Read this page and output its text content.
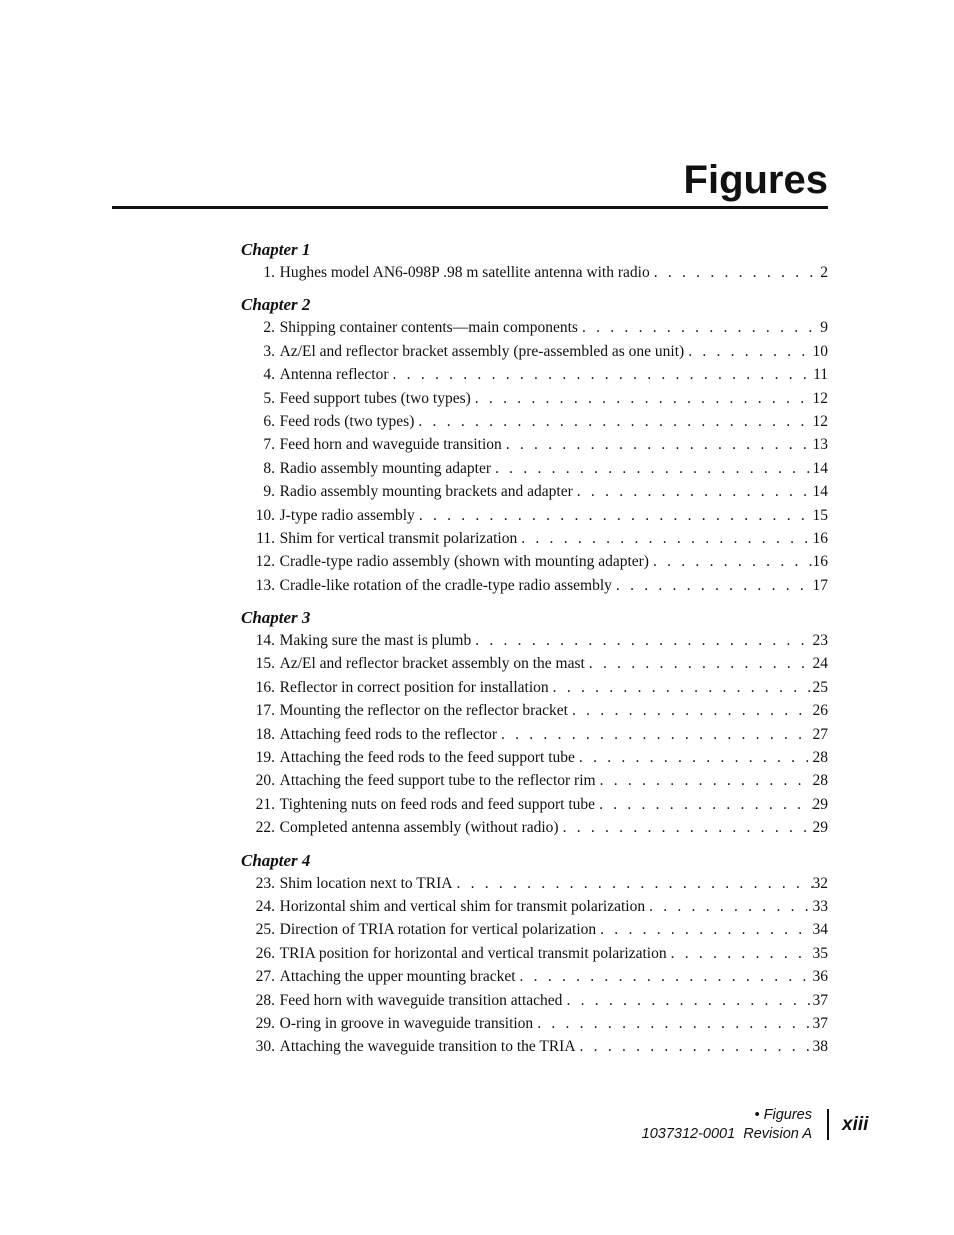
Figures
Chapter 1
1. Hughes model AN6-098P .98 m satellite antenna with radio . . .	2
Chapter 2
2. Shipping container contents—main components . . .	9
3. Az/El and reflector bracket assembly (pre-assembled as one unit) . . .	10
4. Antenna reflector . . .	11
5. Feed support tubes (two types) . . .	12
6. Feed rods (two types) . . .	12
7. Feed horn and waveguide transition . . .	13
8. Radio assembly mounting adapter . . .	14
9. Radio assembly mounting brackets and adapter . . .	14
10. J-type radio assembly . . .	15
11. Shim for vertical transmit polarization . . .	16
12. Cradle-type radio assembly (shown with mounting adapter) . . .	16
13. Cradle-like rotation of the cradle-type radio assembly . . .	17
Chapter 3
14. Making sure the mast is plumb . . .	23
15. Az/El and reflector bracket assembly on the mast . . .	24
16. Reflector in correct position for installation . . .	25
17. Mounting the reflector on the reflector bracket . . .	26
18. Attaching feed rods to the reflector . . .	27
19. Attaching the feed rods to the feed support tube . . .	28
20. Attaching the feed support tube to the reflector rim . . .	28
21. Tightening nuts on feed rods and feed support tube . . .	29
22. Completed antenna assembly (without radio) . . .	29
Chapter 4
23. Shim location next to TRIA . . .	32
24. Horizontal shim and vertical shim for transmit polarization . . .	33
25. Direction of TRIA rotation for vertical polarization . . .	34
26. TRIA position for horizontal and vertical transmit polarization . . .	35
27. Attaching the upper mounting bracket . . .	36
28. Feed horn with waveguide transition attached . . .	37
29. O-ring in groove in waveguide transition . . .	37
30. Attaching the waveguide transition to the TRIA . . .	38
• Figures
1037312-0001  Revision A xiii
